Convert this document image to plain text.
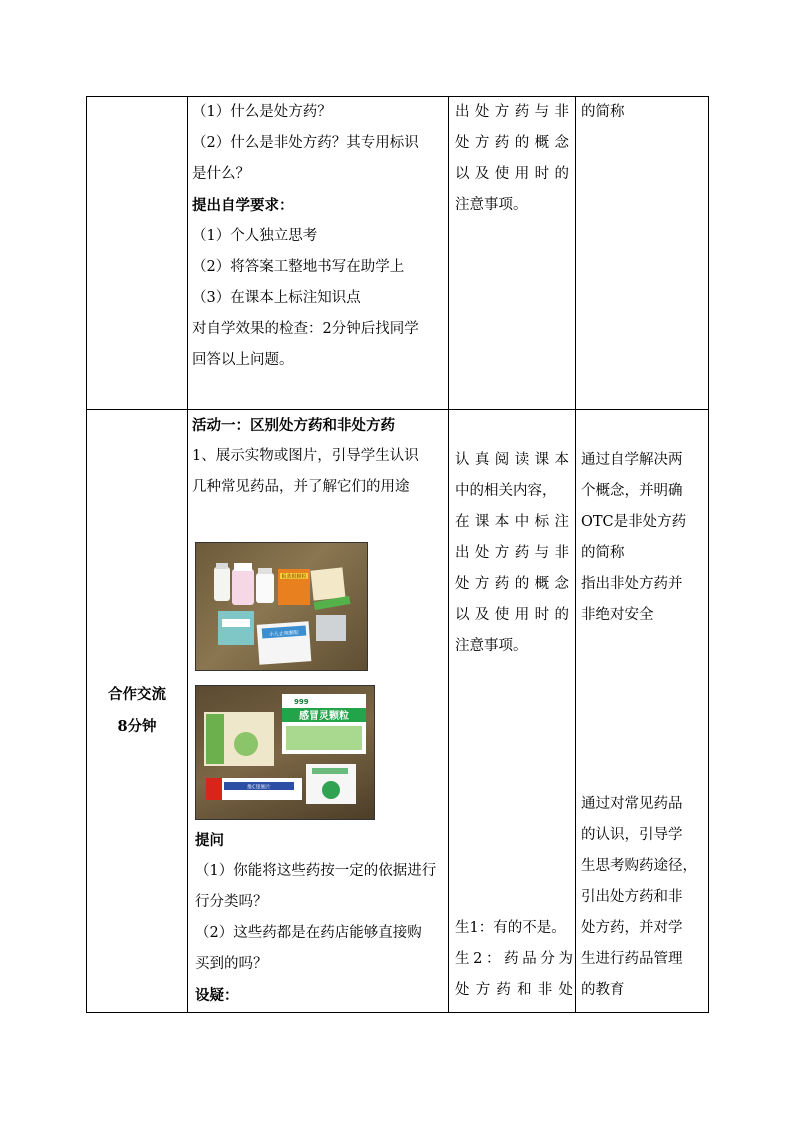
（1）什么是处方药？

（2）什么是非处方药？其专用标识

是什么？

提出自学要求：

（1）个人独立思考

（2）将答案工整地书写在助学上

（3）在课本上标注知识点

对自学效果的检查：2分钟后找同学

回答以上问题。

出处方药与非

处方药的概念

以及使用时的

注意事项。

的简称

合作交流

8分钟

活动一：区别处方药和非处方药

1、展示实物或图片，引导学生认识

几种常见药品，并了解它们的用途

板蓝根颗粒
小儿止咳颗粒
999
感冒灵颗粒
维C银翘片

提问

（1）你能将这些药按一定的依据进行

行分类吗？

（2）这些药都是在药店能够直接购

买到的吗？

设疑：

认真阅读课本

中的相关内容，

在课本中标注

出处方药与非

处方药的概念

以及使用时的

注意事项。

生1：有的不是。

生2：药品分为

处方药和非处

通过自学解决两

个概念，并明确

OTC是非处方药

的简称

指出非处方药并

非绝对安全

通过对常见药品

的认识，引导学

生思考购药途径，

引出处方药和非

处方药，并对学

生进行药品管理

的教育
